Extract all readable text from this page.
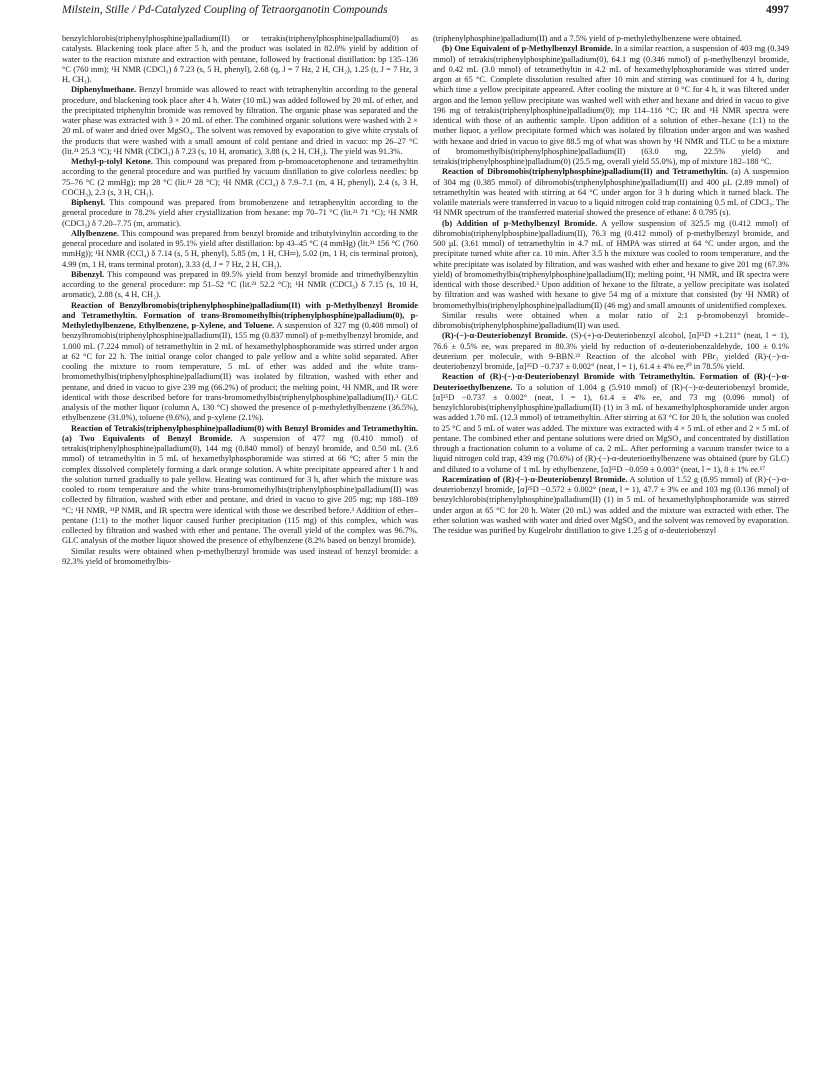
Milstein, Stille / Pd-Catalyzed Coupling of Tetraorganotin Compounds	4997

benzylchlorobis(triphenylphosphine)palladium(II) or tetrakis(triphenylphosphine)palladium(0) as catalysts. Blackening took place after 5 h, and the product was isolated in 82.0% yield by addition of water to the reaction mixture and extraction with pentane, followed by fractional distillation: bp 135–136 °C (760 mm); ¹H NMR (CDCl₃) δ 7.23 (s, 5 H, phenyl), 2.68 (q, J = 7 Hz, 2 H, CH₂), 1.25 (t, J = 7 Hz, 3 H, CH₃).

Diphenylmethane. Benzyl bromide was allowed to react with tetraphenyltin according to the general procedure, and blackening took place after 4 h. Water (10 mL) was added followed by 20 mL of ether, and the precipitated triphenyltin bromide was removed by filtration. The organic phase was separated and the water phase was extracted with 3 × 20 mL of ether. The combined organic solutions were washed with 2 × 20 mL of water and dried over MgSO₄. The solvent was removed by evaporation to give white crystals of the products that were washed with a small amount of cold pentane and dried in vacuo: mp 26–27 °C (lit.²¹ 25.3 °C); ¹H NMR (CDCl₃) δ 7.23 (s, 10 H, aromatic), 3.88 (s, 2 H, CH₂). The yield was 91.3%.

Methyl-p-tolyl Ketone. This compound was prepared from p-bromoacetophenone and tetramethyltin according to the general procedure and was purified by vacuum distillation to give colorless needles: bp 75–76 °C (2 mmHg); mp 28 °C (lit.²¹ 28 °C); ¹H NMR (CCl₄) δ 7.9–7.1 (m, 4 H, phenyl), 2.4 (s, 3 H, COCH₃), 2.3 (s, 3 H, CH₃).

Biphenyl. This compound was prepared from bromobenzene and tetraphenyltin according to the general procedure in 78.2% yield after crystallization from hexane: mp 70–71 °C (lit.²¹ 71 °C); ¹H NMR (CDCl₃) δ 7.20–7.75 (m, aromatic).

Allylbenzene. This compound was prepared from benzyl bromide and tributylvinyltin according to the general procedure and isolated in 95.1% yield after distillation: bp 43–45 °C (4 mmHg) (lit.²¹ 156 °C (760 mmHg)); ¹H NMR (CCl₄) δ 7.14 (s, 5 H, phenyl), 5.85 (m, 1 H, CH═), 5.02 (m, 1 H, cis terminal proton), 4.99 (m, 1 H, trans terminal proton), 3.33 (d, J = 7 Hz, 2 H, CH₂).

Bibenzyl. This compound was prepared in 89.5% yield from benzyl bromide and trimethylbenzyltin according to the general procedure: mp 51–52 °C (lit.²¹ 52.2 °C); ¹H NMR (CDCl₃) δ 7.15 (s, 10 H, aromatic), 2.88 (s, 4 H, CH₂).

Reaction of Benzylbromobis(triphenylphosphine)palladium(II) with p-Methylbenzyl Bromide and Tetramethyltin. Formation of trans-Bromomethylbis(triphenylphosphine)palladium(0), p-Methylethylbenzene, Ethylbenzene, p-Xylene, and Toluene. A suspension of 327 mg (0.408 mmol) of benzylbromobis(triphenylphosphine)palladium(II), 155 mg (0.837 mmol) of p-methylbenzyl bromide, and 1.000 mL (7.224 mmol) of tetramethyltin in 2 mL of hexamethylphosphoramide was stirred under argon at 62 °C for 22 h. The initial orange color changed to pale yellow and a white solid separated. After cooling the mixture to room temperature, 5 mL of ether was added and the white trans-bromomethylbis(triphenylphosphine)palladium(II) was isolated by filtration, washed with ether and pentane, and dried in vacuo to give 239 mg (66.2%) of product; the melting point, ¹H NMR, and IR were identical with those described before for trans-bromomethylbis(triphenylphosphine)palladium(II).³ GLC analysis of the mother liquor (column A, 130 °C) showed the presence of p-methylethylbenzene (36.5%), ethylbenzene (31.0%), toluene (9.6%), and p-xylene (2.1%).

Reaction of Tetrakis(triphenylphosphine)palladium(0) with Benzyl Bromides and Tetramethyltin. (a) Two Equivalents of Benzyl Bromide. A suspension of 477 mg (0.410 mmol) of tetrakis(triphenylphosphine)palladium(0), 144 mg (0.840 mmol) of benzyl bromide, and 0.50 mL (3.6 mmol) of tetramethyltin in 5 mL of hexamethylphosphoramide was stirred at 66 °C; after 5 min the complex dissolved completely forming a dark orange solution. A white precipitate appeared after 1 h and the solution turned gradually to pale yellow. Heating was continued for 3 h, after which the mixture was cooled to room temperature and the white trans-bromomethylbis(triphenylphosphine)palladium(II) was collected by filtration, washed with ether and pentane, and dried in vacuo to give 205 mg; mp 188–189 °C; ¹H NMR, ³¹P NMR, and IR spectra were identical with those we described before.³ Addition of ether–pentane (1:1) to the mother liquor caused further precipitation (115 mg) of this complex, which was collected by filtration and washed with ether and pentane. The overall yield of the complex was 96.7%. GLC analysis of the mother liquor showed the presence of ethylbenzene (8.2% based on benzyl bromide).

Similar results were obtained when p-methylbenzyl bromide was used instead of benzyl bromide: a 92.3% yield of bromomethylbis-

(triphenylphosphine)palladium(II) and a 7.5% yield of p-methylethylbenzene were obtained.

(b) One Equivalent of p-Methylbenzyl Bromide. In a similar reaction, a suspension of 403 mg (0.349 mmol) of tetrakis(triphenylphosphine)palladium(0), 64.1 mg (0.346 mmol) of p-methylbenzyl bromide, and 0.42 mL (3.0 mmol) of tetramethyltin in 4.2 mL of hexamethylphosphoramide was stirred under argon at 65 °C. Complete dissolution resulted after 10 min and stirring was continued for 4 h, during which time a yellow precipitate appeared. After cooling the mixture at 0 °C for 4 h, it was filtered under argon and the lemon yellow precipitate was washed well with ether and hexane and dried in vacuo to give 196 mg of tetrakis(triphenylphosphine)palladium(0); mp 114–116 °C; IR and ¹H NMR spectra were identical with those of an authentic sample. Upon addition of a solution of ether–hexane (1:1) to the mother liquor, a yellow precipitate formed which was isolated by filtration under argon and was washed with hexane and dried in vacuo to give 88.5 mg of what was shown by ¹H NMR and TLC to be a mixture of bromomethylbis(triphenylphosphine)palladium(II) (63.0 mg, 22.5% yield) and tetrakis(triphenylphosphine)palladium(0) (25.5 mg, overall yield 55.0%), mp of mixture 182–188 °C.

Reaction of Dibromobis(triphenylphosphine)palladium(II) and Tetramethyltin. (a) A suspension of 304 mg (0.385 mmol) of dibromobis(triphenylphosphine)palladium(II) and 400 μL (2.89 mmol) of tetramethyltin was heated with stirring at 64 °C under argon for 3 h during which it turned black. The volatile materials were transferred in vacuo to a liquid nitrogen cold trap containing 0.5 mL of CDCl₃. The ¹H NMR spectrum of the transferred material showed the presence of ethane: δ 0.795 (s).

(b) Addition of p-Methylbenzyl Bromide. A yellow suspension of 325.5 mg (0.412 mmol) of dibromobis(triphenylphosphine)palladium(II), 76.3 mg (0.412 mmol) of p-methylbenzyl bromide, and 500 μL (3.61 mmol) of tetramethyltin in 4.7 mL of HMPA was stirred at 64 °C under argon, and the precipitate turned white after ca. 10 min. After 3.5 h the mixture was cooled to room temperature, and the white precipitate was isolated by filtration, and was washed with ether and hexane to give 201 mg (67.3% yield) of bromomethylbis(triphenylphosphine)palladium(II); melting point, ¹H NMR, and IR spectra were identical with those described.³ Upon addition of hexane to the filtrate, a yellow precipitate was isolated by filtration and was washed with hexane to give 54 mg of a mixture that consisted (by ¹H NMR) of bromomethylbis(triphenylphosphine)palladium(II) (46 mg) and small amounts of unidentified complexes.

Similar results were obtained when a molar ratio of 2:1 p-bromobenzyl bromide–dibromobis(triphenylphosphine)palladium(II) was used.

(R)-(−)-α-Deuteriobenzyl Bromide. (S)-(+)-α-Deuteriobenzyl alcohol, [α]²⁵D +1.211° (neat, l = 1), 76.6 ± 0.5% ee, was prepared in 80.3% yield by reduction of α-deuteriobenzaldehyde, 100 ± 0.1% deuterium per molecule, with 9-BBN.²² Reaction of the alcohol with PBr₃ yielded (R)-(−)-α-deuteriobenzyl bromide, [α]²⁵D −0.737 ± 0.002° (neat, l = 1), 61.4 ± 4% ee,²⁰ in 78.5% yield.

Reaction of (R)-(−)-α-Deuteriobenzyl Bromide with Tetramethyltin. Formation of (R)-(−)-α-Deuterioethylbenzene. To a solution of 1.004 g (5.910 mmol) of (R)-(−)-α-deuteriobenzyl bromide, [α]²⁵D −0.737 ± 0.002° (neat, l = 1), 61.4 ± 4% ee, and 73 mg (0.096 mmol) of benzylchlorobis(triphenylphosphine)palladium(II) (1) in 3 mL of hexamethylphosphoramide under argon was added 1.70 mL (12.3 mmol) of tetramethyltin. After stirring at 63 °C for 20 h, the solution was cooled to 25 °C and 5 mL of water was added. The mixture was extracted with 4 × 5 mL of ether and 2 × 5 mL of pentane. The combined ether and pentane solutions were dried on MgSO₄ and concentrated by distillation through a fractionation column to a volume of ca. 2 mL. After performing a vacuum transfer twice to a liquid nitrogen cold trap, 439 mg (70.6%) of (R)-(−)-α-deuterioethylbenzene was obtained (pure by GLC) and diluted to a volume of 1 mL by ethylbenzene, [α]²⁵D −0.059 ± 0.003° (neat, l = 1), 8 ± 1% ee.¹⁷

Racemization of (R)-(−)-α-Deuteriobenzyl Bromide. A solution of 1.52 g (8.95 mmol) of (R)-(−)-α-deuteriobenzyl bromide, [α]²⁵D −0.572 ± 0.002° (neat, l = 1), 47.7 ± 3% ee and 103 mg (0.136 mmol) of benzylchlorobis(triphenylphosphine)palladium(II) (1) in 5 mL of hexamethylphosphoramide was stirred under argon at 65 °C for 20 h. Water (20 mL) was added and the mixture was extracted with ether. The ether solution was washed with water and dried over MgSO₄ and the solvent was removed by evaporation. The residue was purified by Kugelrohr distillation to give 1.25 g of α-deuteriobenzyl
